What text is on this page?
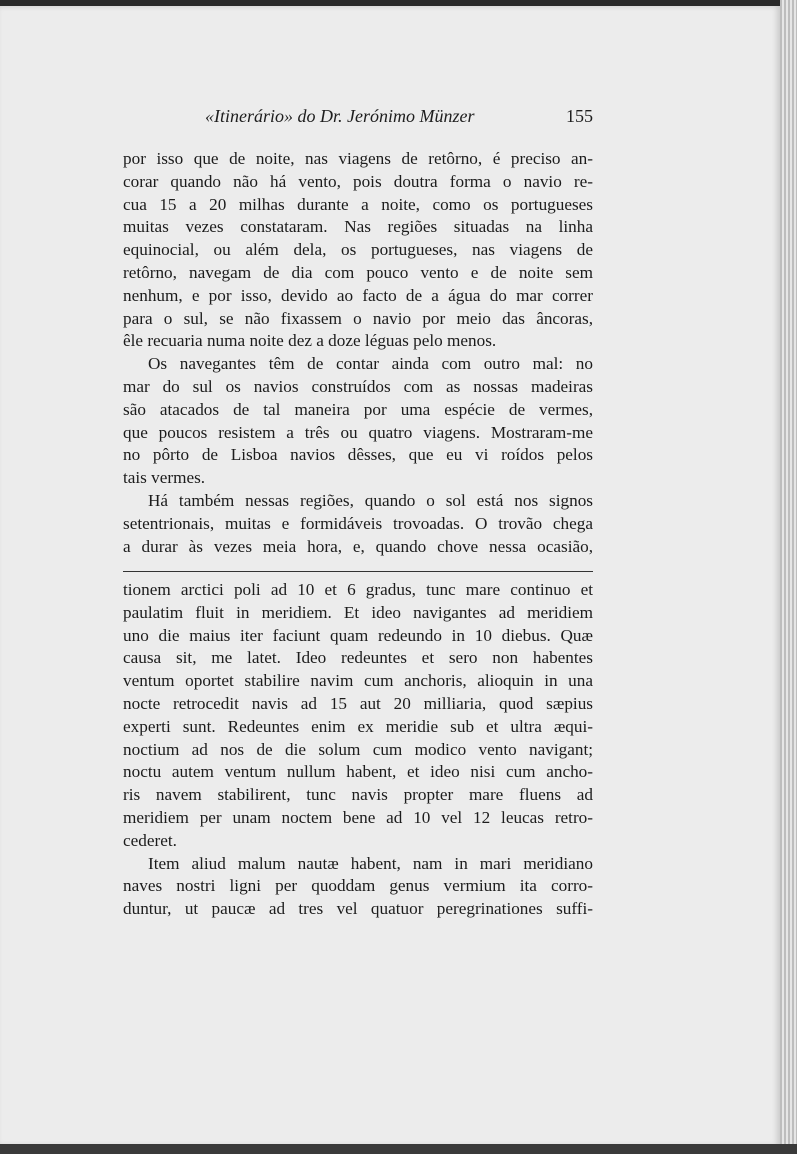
«Itinerário» do Dr. Jerónimo Münzer	155
por isso que de noite, nas viagens de retôrno, é preciso an-
corar quando não há vento, pois doutra forma o navio re-
cua 15 a 20 milhas durante a noite, como os portugueses
muitas vezes constataram. Nas regiões situadas na linha
equinocial, ou além dela, os portugueses, nas viagens de
retôrno, navegam de dia com pouco vento e de noite sem
nenhum, e por isso, devido ao facto de a água do mar correr
para o sul, se não fixassem o navio por meio das âncoras,
êle recuaria numa noite dez a doze léguas pelo menos.
Os navegantes têm de contar ainda com outro mal: no
mar do sul os navios construídos com as nossas madeiras
são atacados de tal maneira por uma espécie de vermes,
que poucos resistem a três ou quatro viagens. Mostraram-me
no pôrto de Lisboa navios dêsses, que eu vi roídos pelos
tais vermes.
Há também nessas regiões, quando o sol está nos signos
setentrionais, muitas e formidáveis trovoadas. O trovão chega
a durar às vezes meia hora, e, quando chove nessa ocasião,
tionem arctici poli ad 10 et 6 gradus, tunc mare continuo et
paulatim fluit in meridiem. Et ideo navigantes ad meridiem
uno die maius iter faciunt quam redeundo in 10 diebus. Quæ
causa sit, me latet. Ideo redeuntes et sero non habentes
ventum oportet stabilire navim cum anchoris, alioquin in una
nocte retrocedit navis ad 15 aut 20 milliaria, quod sæpius
experti sunt. Redeuntes enim ex meridie sub et ultra æqui-
noctium ad nos de die solum cum modico vento navigant;
noctu autem ventum nullum habent, et ideo nisi cum ancho-
ris navem stabilirent, tunc navis propter mare fluens ad
meridiem per unam noctem bene ad 10 vel 12 leucas retro-
cederet.
Item aliud malum nautæ habent, nam in mari meridiano
naves nostri ligni per quoddam genus vermium ita corro-
duntur, ut paucæ ad tres vel quatuor peregrinationes suffi-
